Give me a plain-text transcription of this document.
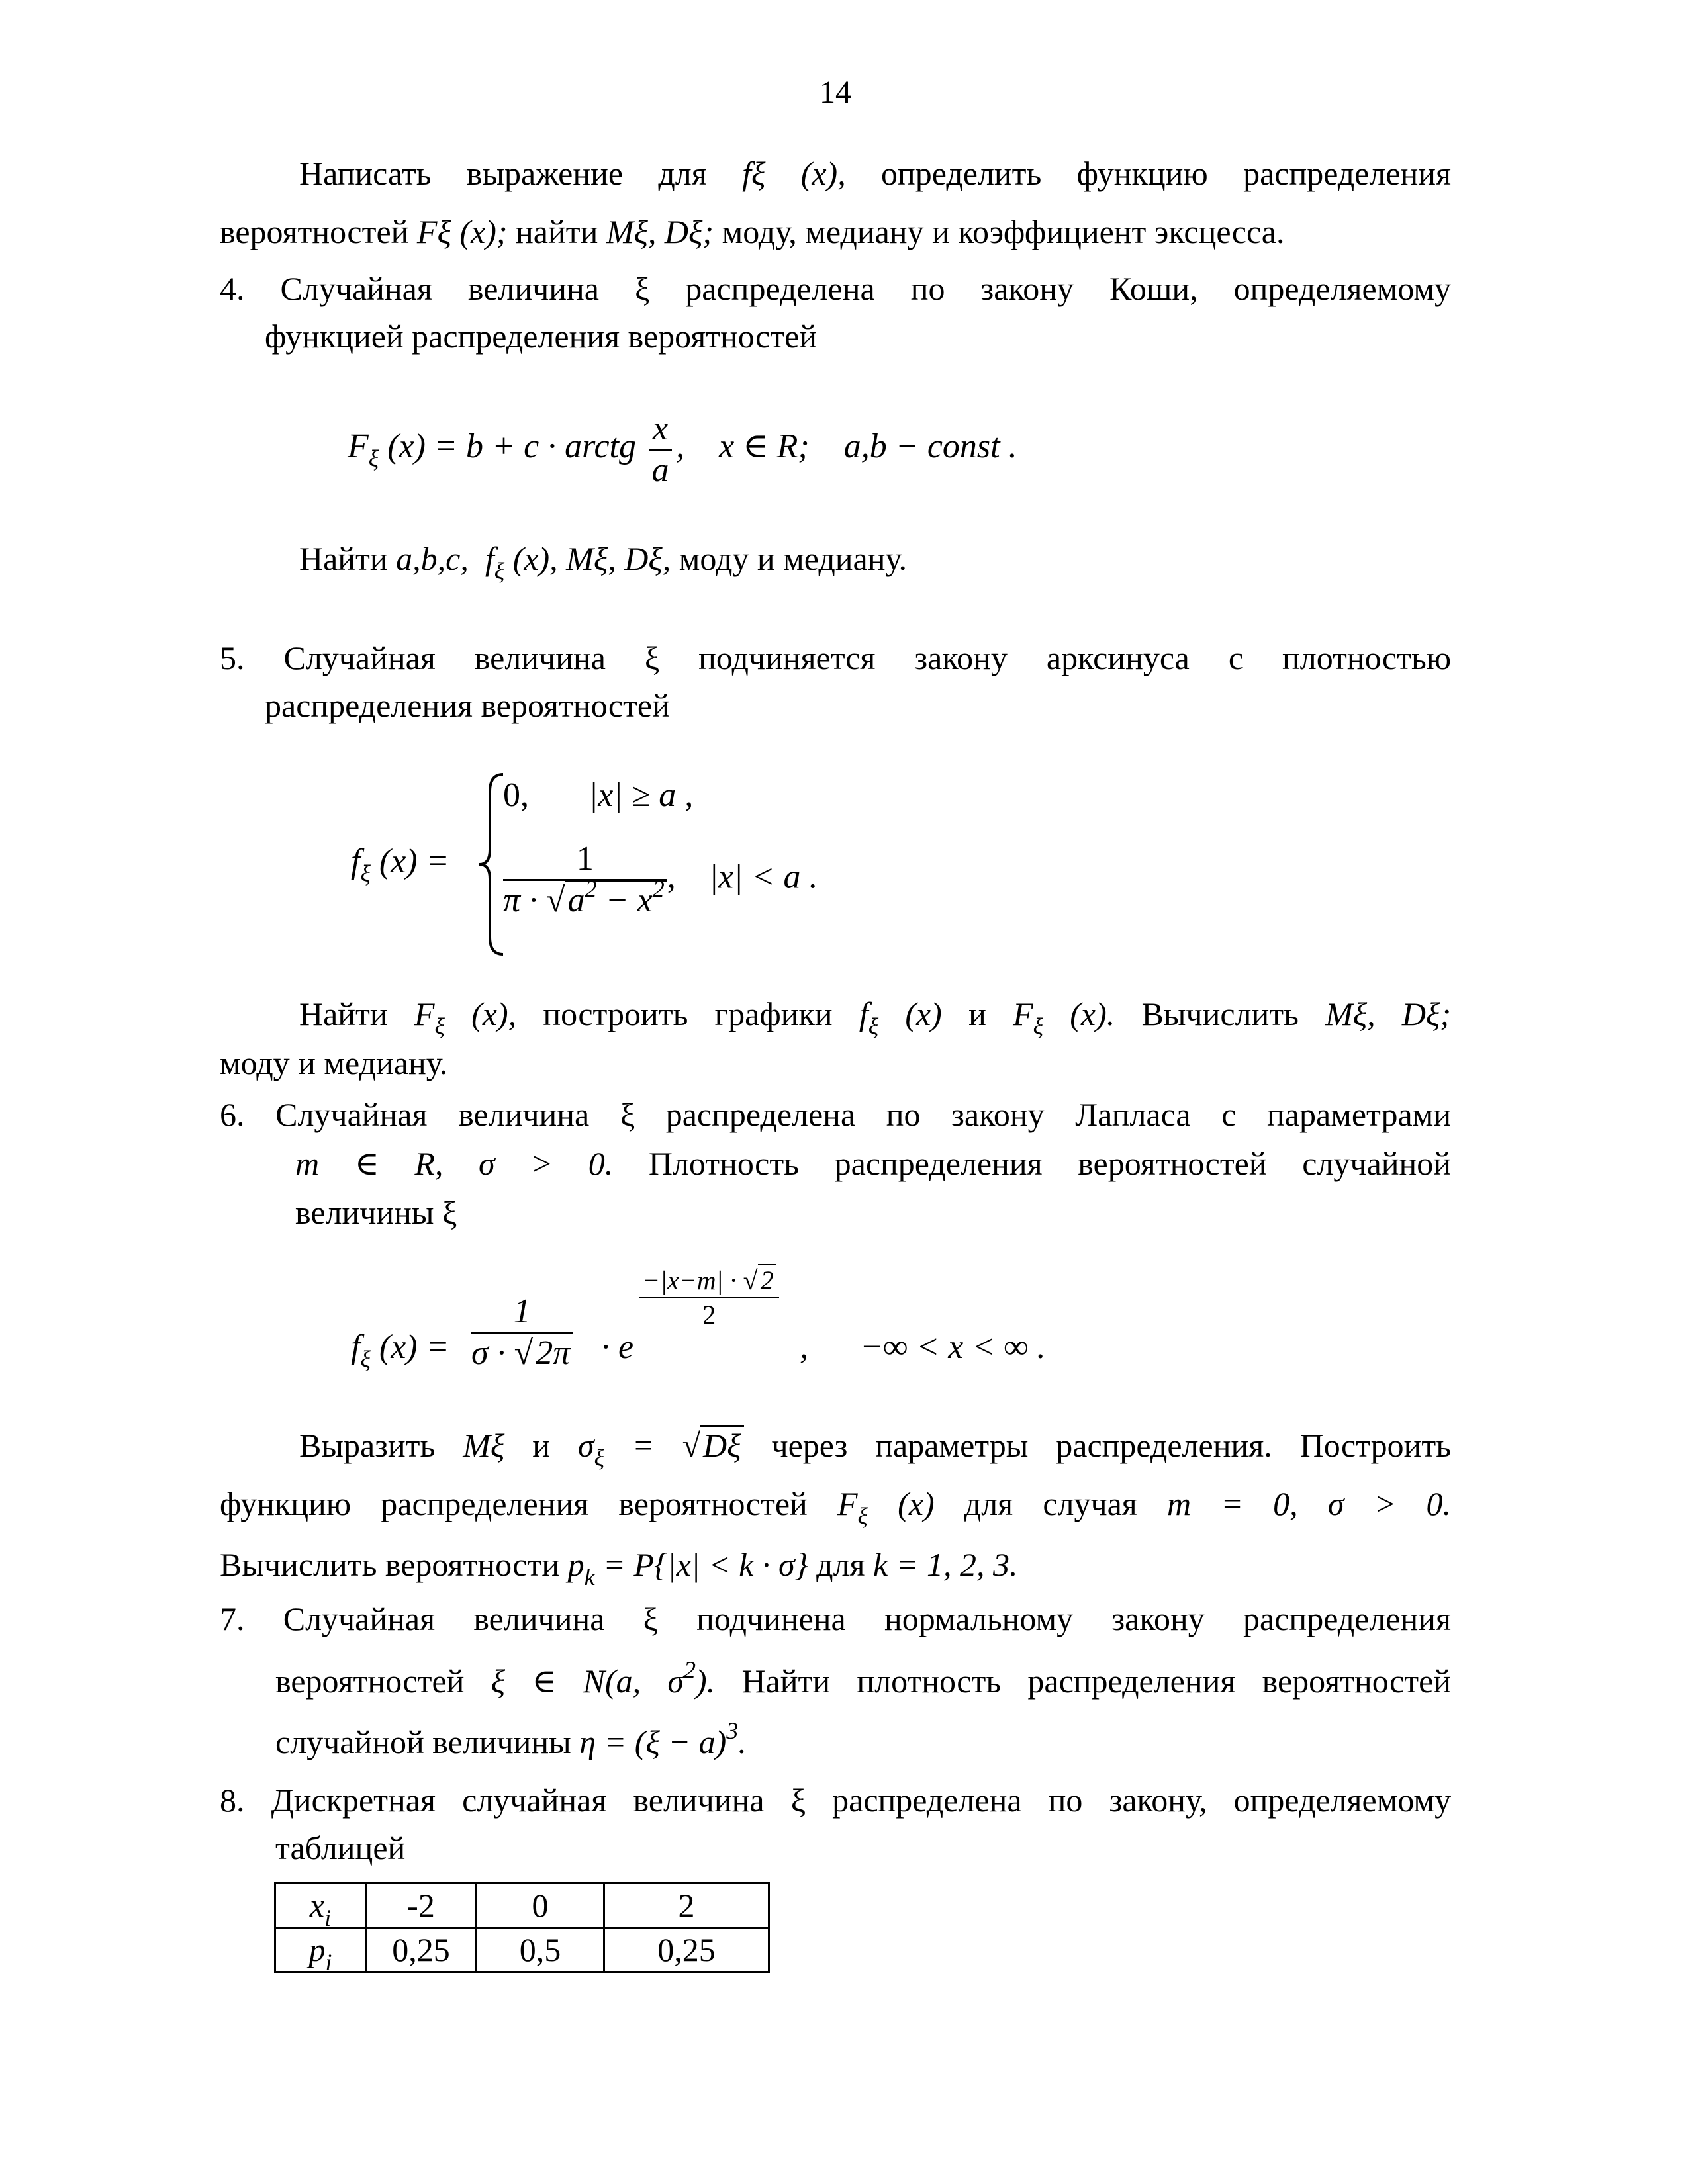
14
Написать выражение для fξ (x), определить функцию распределения
вероятностей Fξ (x); найти Mξ, Dξ; моду, медиану и коэффициент эксцесса.
4. Случайная величина ξ распределена по закону Коши, определяемому
функцией распределения вероятностей
$F_\xi$ (x) = b + c · arctg $\frac{x}{a}$ ,    x ∈ R;    a,b − const .
Найти a,b,c,  $f_\xi$ (x), Mξ, Dξ, моду и медиану.
5. Случайная величина ξ подчиняется закону арксинуса с плотностью
распределения вероятностей
$f_\xi$ (x) =
0, |x| ≥ a ,
$\frac{1}{\pi \cdot √a^2 - x^2}$ , |x| < a .
Найти $F_\xi$ (x), построить графики $f_\xi$ (x) и $F_\xi$ (x). Вычислить Mξ, Dξ;
моду и медиану.
6. Случайная величина ξ распределена по закону Лапласа с параметрами
m ∈ R, σ > 0. Плотность распределения вероятностей случайной
величины ξ
$f_\xi$ $(x) = \frac{1}{\sigma \cdot √2\pi} \cdot e$
−|x−m| · √ 2
2
,      −∞ < x < ∞ .
Выразить Mξ и $\sigma_\xi = √D\xi$ через параметры распределения. Построить
функцию распределения вероятностей $F_\xi$ (x) для случая m = 0, σ > 0.
Вычислить вероятности $p_k = P\{|x| < k \cdot \sigma\}$ для k = 1, 2, 3.
7. Случайная величина ξ подчинена нормальному закону распределения
вероятностей ξ ∈ N(a, $\sigma^2$). Найти плотность распределения вероятностей
случайной величины $\eta = (\xi - a)^3$.
8. Дискретная случайная величина ξ распределена по закону, определяемому
таблицей
$x_i$	-2	0	2
$p_i$	0,25	0,5	0,25
